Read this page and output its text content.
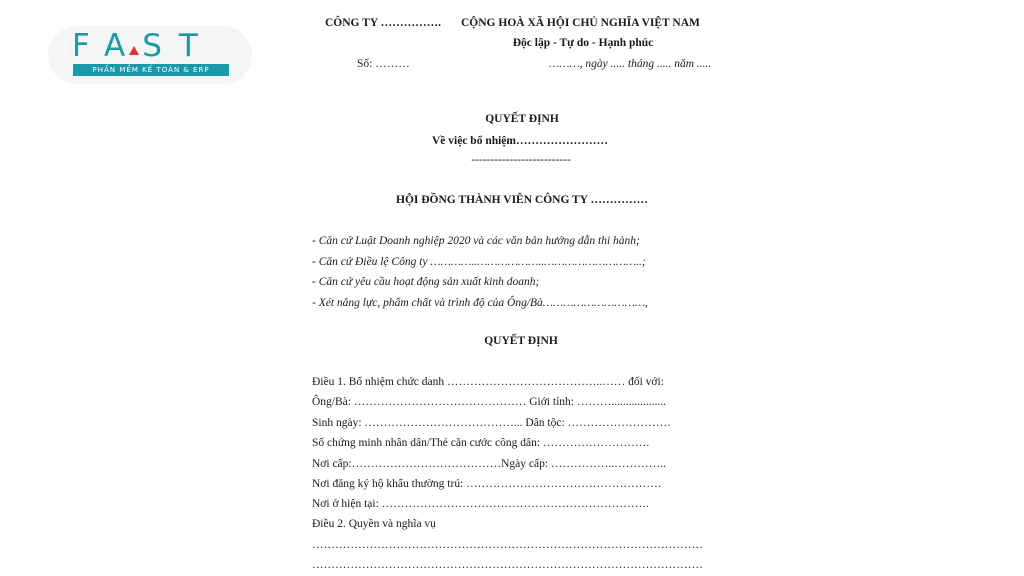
FAST
PHẦN MỀM KẾ TOÁN & ERP
CÔNG TY ……………. CỘNG HOÀ XÃ HỘI CHỦ NGHĨA VIỆT NAM
Độc lập - Tự do - Hạnh phúc
Số: ………	………, ngày ..... tháng ..... năm .....
QUYẾT ĐỊNH
Về việc bổ nhiệm……………………
--------------------------
HỘI ĐỒNG THÀNH VIÊN CÔNG TY ……………
- Căn cứ Luật Doanh nghiệp 2020 và các văn bản hướng dẫn thi hành;
- Căn cứ Điều lệ Công ty …………..………………..………………………..;
- Căn cứ yêu cầu hoạt động sản xuất kinh doanh;
- Xét năng lực, phẩm chất và trình độ của Ông/Bà…………………………,
QUYẾT ĐỊNH
Điều 1. Bổ nhiệm chức danh …………………………………..…… đối với:
Ông/Bà: ……………………………………… Giới tính: ………...................
Sinh ngày: …………………………………... Dân tộc: ………………………
Số chứng minh nhân dân/Thẻ căn cước công dân: ……………………….
Nơi cấp:…………………………………Ngày cấp: ……………..…………..
Nơi đăng ký hộ khẩu thường trú: ……………………………………………
Nơi ở hiện tại: …………………………………………………………….
Điều 2. Quyền và nghĩa vụ
…………………………………………………………………………………………
…………………………………………………………………………………………
